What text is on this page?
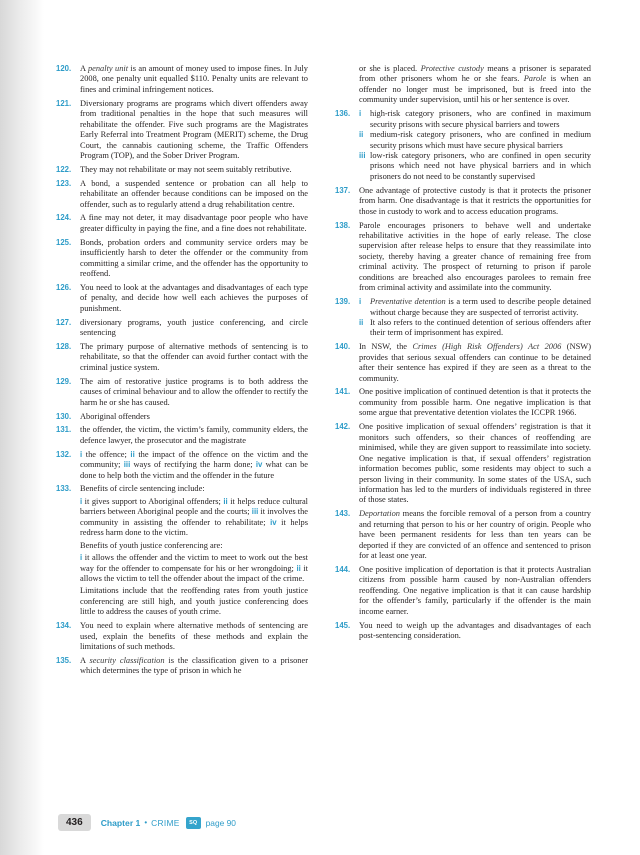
120. A penalty unit is an amount of money used to impose fines. In July 2008, one penalty unit equalled $110. Penalty units are relevant to fines and criminal infringement notices.
121. Diversionary programs are programs which divert offenders away from traditional penalties in the hope that such measures will rehabilitate the offender. Five such programs are the Magistrates Early Referral into Treatment Program (MERIT) scheme, the Drug Court, the cannabis cautioning scheme, the Traffic Offenders Program (TOP), and the Sober Driver Program.
122. They may not rehabilitate or may not seem suitably retributive.
123. A bond, a suspended sentence or probation can all help to rehabilitate an offender because conditions can be imposed on the offender, such as to regularly attend a drug rehabilitation centre.
124. A fine may not deter, it may disadvantage poor people who have greater difficulty in paying the fine, and a fine does not rehabilitate.
125. Bonds, probation orders and community service orders may be insufficiently harsh to deter the offender or the community from committing a similar crime, and the offender has the opportunity to reoffend.
126. You need to look at the advantages and disadvantages of each type of penalty, and decide how well each achieves the purposes of punishment.
127. diversionary programs, youth justice conferencing, and circle sentencing
128. The primary purpose of alternative methods of sentencing is to rehabilitate, so that the offender can avoid further contact with the criminal justice system.
129. The aim of restorative justice programs is to both address the causes of criminal behaviour and to allow the offender to rectify the harm he or she has caused.
130. Aboriginal offenders
131. the offender, the victim, the victim’s family, community elders, the defence lawyer, the prosecutor and the magistrate
132. i the offence; ii the impact of the offence on the victim and the community; iii ways of rectifying the harm done; iv what can be done to help both the victim and the offender in the future
133. Benefits of circle sentencing include:
i it gives support to Aboriginal offenders; ii it helps reduce cultural barriers between Aboriginal people and the courts; iii it involves the community in assisting the offender to rehabilitate; iv it helps redress harm done to the victim.
Benefits of youth justice conferencing are:
i it allows the offender and the victim to meet to work out the best way for the offender to compensate for his or her wrongdoing; ii it allows the victim to tell the offender about the impact of the crime.
Limitations include that the reoffending rates from youth justice conferencing are still high, and youth justice conferencing does little to address the causes of youth crime.
134. You need to explain where alternative methods of sentencing are used, explain the benefits of these methods and explain the limitations of such methods.
135. A security classification is the classification given to a prisoner which determines the type of prison in which he
or she is placed. Protective custody means a prisoner is separated from other prisoners whom he or she fears. Parole is when an offender no longer must be imprisoned, but is freed into the community under supervision, until his or her sentence is over.
136. i high-risk category prisoners, who are confined in maximum security prisons with secure physical barriers and towers
ii medium-risk category prisoners, who are confined in medium security prisons which must have secure physical barriers
iii low-risk category prisoners, who are confined in open security prisons which need not have physical barriers and in which prisoners do not need to be constantly supervised
137. One advantage of protective custody is that it protects the prisoner from harm. One disadvantage is that it restricts the opportunities for those in custody to work and to access education programs.
138. Parole encourages prisoners to behave well and undertake rehabilitative activities in the hope of early release. The close supervision after release helps to ensure that they reassimilate into society, thereby having a greater chance of remaining free from criminal activity. The prospect of returning to prison if parole conditions are breached also encourages parolees to remain free from criminal activity and assimilate into the community.
139. i Preventative detention is a term used to describe people detained without charge because they are suspected of terrorist activity.
ii It also refers to the continued detention of serious offenders after their term of imprisonment has expired.
140. In NSW, the Crimes (High Risk Offenders) Act 2006 (NSW) provides that serious sexual offenders can continue to be detained after their sentence has expired if they are seen as a threat to the community.
141. One positive implication of continued detention is that it protects the community from possible harm. One negative implication is that some argue that preventative detention violates the ICCPR 1966.
142. One positive implication of sexual offenders’ registration is that it monitors such offenders, so their chances of reoffending are minimised, while they are given support to reassimilate into society. One negative implication is that, if sexual offenders’ registration information becomes public, some residents may object to such a person living in their community. In some states of the USA, such information has led to the murders of individuals registered in three of those states.
143. Deportation means the forcible removal of a person from a country and returning that person to his or her country of origin. People who have been permanent residents for less than ten years can be deported if they are convicted of an offence and sentenced to prison for at least one year.
144. One positive implication of deportation is that it protects Australian citizens from possible harm caused by non-Australian offenders reoffending. One negative implication is that it can cause hardship for the offender’s family, particularly if the offender is the main income earner.
145. You need to weigh up the advantages and disadvantages of each post-sentencing consideration.
436	Chapter 1 • CRIME	SQ	page 90
